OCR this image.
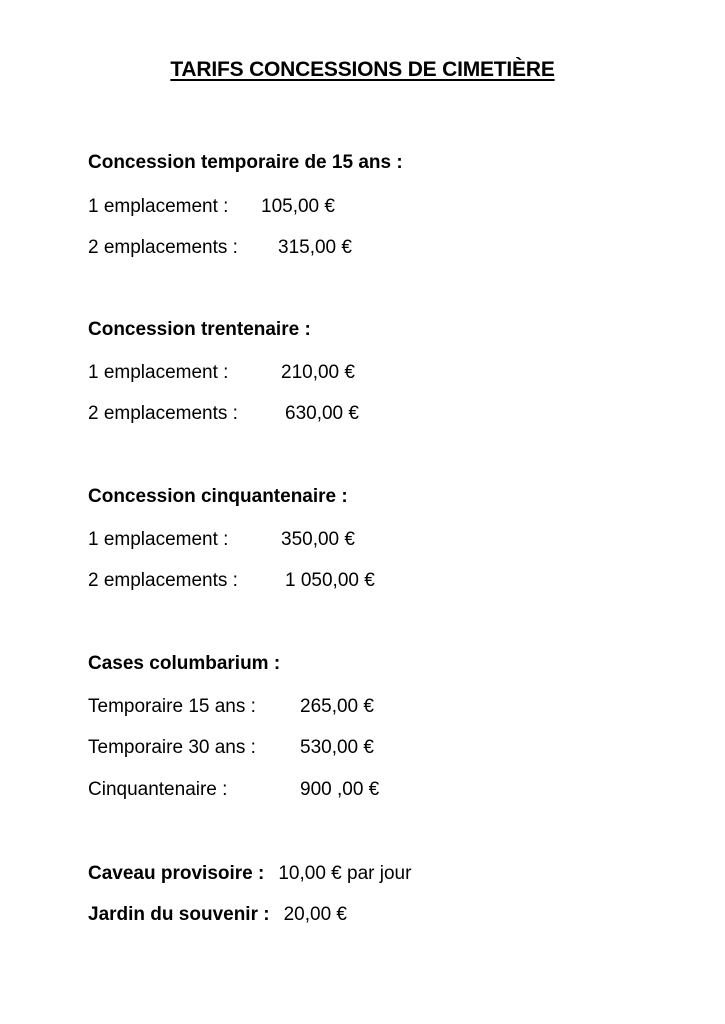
TARIFS CONCESSIONS DE CIMETIÈRE
Concession temporaire de 15 ans :
1 emplacement : 105,00 €
2 emplacements : 315,00 €
Concession trentenaire :
1 emplacement :	210,00 €
2 emplacements : 630,00 €
Concession cinquantenaire :
1 emplacement :	350,00 €
2 emplacements : 1 050,00 €
Cases columbarium :
Temporaire 15 ans : 265,00 €
Temporaire 30 ans : 530,00 €
Cinquantenaire :	900 ,00 €
Caveau provisoire : 10,00 € par jour
Jardin du souvenir : 20,00 €
